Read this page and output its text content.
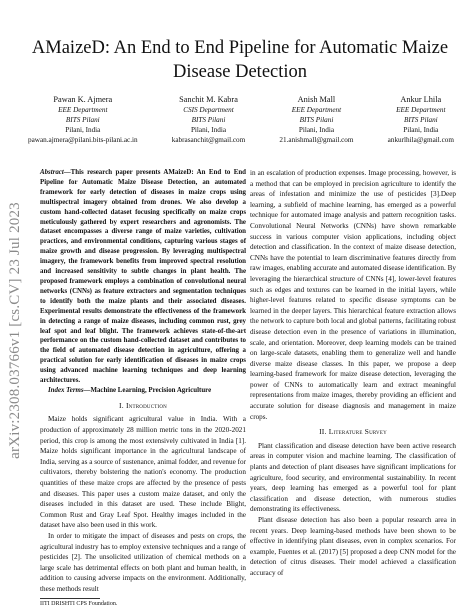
arXiv:2308.03766v1 [cs.CV] 23 Jul 2023
AMaizeD: An End to End Pipeline for Automatic Maize Disease Detection
Pawan K. Ajmera
EEE Department
BITS Pilani
Pilani, India
pawan.ajmera@pilani.bits-pilani.ac.in
Sanchit M. Kabra
CSIS Department
BITS Pilani
Pilani, India
kabrasanchit@gmail.com
Anish Mall
EEE Department
BITS Pilani
Pilani, India
21.anishmall@gmail.com
Ankur Lhila
EEE Department
BITS Pilani
Pilani, India
ankurlhila@gmail.com

Abstract—This research paper presents AMaizeD: An End to End Pipeline for Automatic Maize Disease Detection, an automated framework for early detection of diseases in maize crops using multispectral imagery obtained from drones. We also develop a custom hand-collected dataset focusing specifically on maize crops meticulously gathered by expert researchers and agronomists. The dataset encompasses a diverse range of maize varieties, cultivation practices, and environmental conditions, capturing various stages of maize growth and disease progression. By leveraging multispectral imagery, the framework benefits from improved spectral resolution and increased sensitivity to subtle changes in plant health. The proposed framework employs a combination of convolutional neural networks (CNNs) as feature extractors and segmentation techniques to identify both the maize plants and their associated diseases. Experimental results demonstrate the effectiveness of the framework in detecting a range of maize diseases, including common rust, grey leaf spot and leaf blight. The framework achieves state-of-the-art performance on the custom hand-collected dataset and contributes to the field of automated disease detection in agriculture, offering a practical solution for early identification of diseases in maize crops using advanced machine learning techniques and deep learning architectures.

Index Terms—Machine Learning, Precision Agriculture

I. Introduction

Maize holds significant agricultural value in India. With a production of approximately 28 million metric tons in the 2020-2021 period, this crop is among the most extensively cultivated in India [1]. Maize holds significant importance in the agricultural landscape of India, serving as a source of sustenance, animal fodder, and revenue for cultivators, thereby bolstering the nation's economy. The production quantities of these maize crops are affected by the presence of pests and diseases. This paper uses a custom maize dataset, and only the diseases included in this dataset are used. These include Blight, Common Rust and Gray Leaf Spot. Healthy images included in the dataset have also been used in this work.

In order to mitigate the impact of diseases and pests on crops, the agricultural industry has to employ extensive techniques and a range of pesticides [2]. The unsolicited utilization of chemical methods on a large scale has detrimental effects on both plant and human health, in addition to causing adverse impacts on the environment. Additionally, these methods result

IITI DRISHTI CPS Foundation.

in an escalation of production expenses. Image processing, however, is a method that can be employed in precision agriculture to identify the areas of infestation and minimize the use of pesticides [3].Deep learning, a subfield of machine learning, has emerged as a powerful technique for automated image analysis and pattern recognition tasks. Convolutional Neural Networks (CNNs) have shown remarkable success in various computer vision applications, including object detection and classification. In the context of maize disease detection, CNNs have the potential to learn discriminative features directly from raw images, enabling accurate and automated disease identification. By leveraging the hierarchical structure of CNNs [4], lower-level features such as edges and textures can be learned in the initial layers, while higher-level features related to specific disease symptoms can be learned in the deeper layers. This hierarchical feature extraction allows the network to capture both local and global patterns, facilitating robust disease detection even in the presence of variations in illumination, scale, and orientation. Moreover, deep learning models can be trained on large-scale datasets, enabling them to generalize well and handle diverse maize disease classes. In this paper, we propose a deep learning-based framework for maize disease detection, leveraging the power of CNNs to automatically learn and extract meaningful representations from maize images, thereby providing an efficient and accurate solution for disease diagnosis and management in maize crops.

II. Literature Survey

Plant classification and disease detection have been active research areas in computer vision and machine learning. The classification of plants and detection of plant diseases have significant implications for agriculture, food security, and environmental sustainability. In recent years, deep learning has emerged as a powerful tool for plant classification and disease detection, with numerous studies demonstrating its effectiveness.

Plant disease detection has also been a popular research area in recent years. Deep learning-based methods have been shown to be effective in identifying plant diseases, even in complex scenarios. For example, Fuentes et al. (2017) [5] proposed a deep CNN model for the detection of citrus diseases. Their model achieved a classification accuracy of
